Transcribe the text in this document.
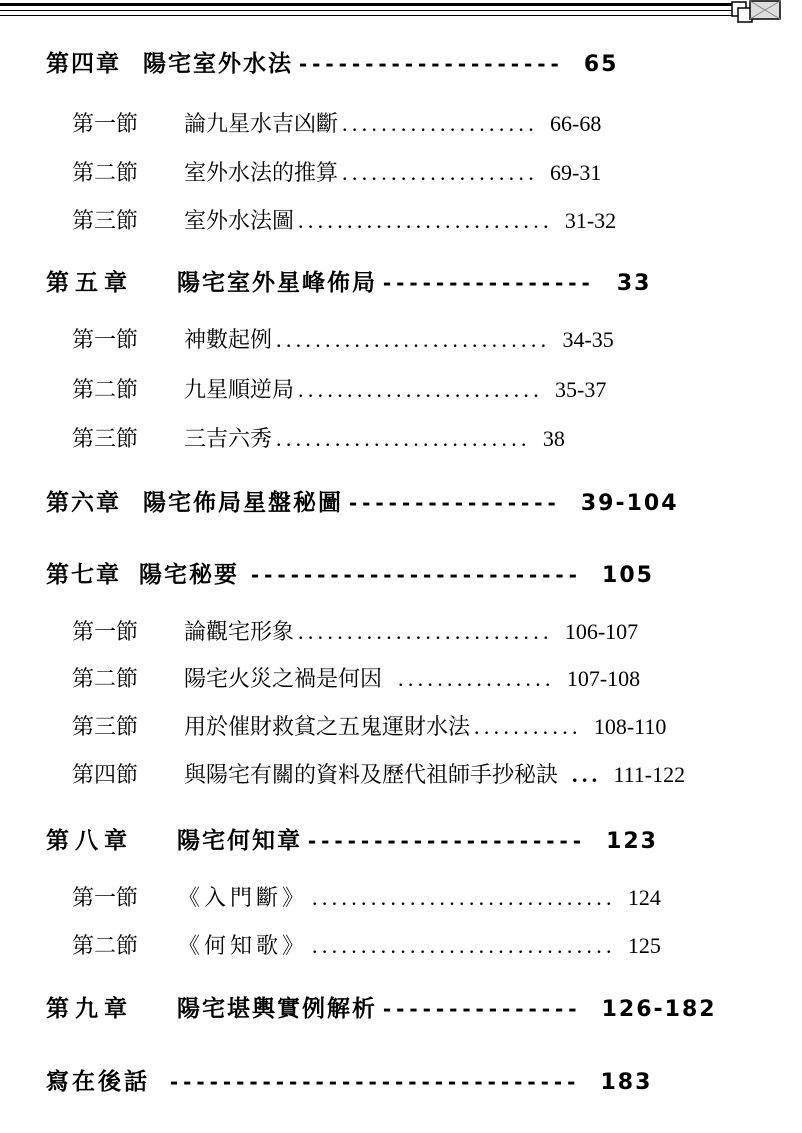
第四章 陽宅室外水法 -------------------- 65
第一節 論九星水吉凶斷 .................... 66-68
第二節 室外水法的推算 .................... 69-31
第三節 室外水法圖 .......................... 31-32
第五章 陽宅室外星峰佈局 ---------------- 33
第一節 神數起例 ............................ 34-35
第二節 九星順逆局 ......................... 35-37
第三節 三吉六秀 .......................... 38
第六章 陽宅佈局星盤秘圖 ---------------- 39-104
第七章 陽宅秘要 ------------------------- 105
第一節 論觀宅形象 .......................... 106-107
第二節 陽宅火災之禍是何因 ................ 107-108
第三節 用於催財救貧之五鬼運財水法 ........... 108-110
第四節 與陽宅有關的資料及歷代祖師手抄秘訣 ... 111-122
第八章 陽宅何知章 --------------------- 123
第一節 《入門斷》 ............................... 124
第二節 《何知歌》 ............................... 125
第九章 陽宅堪輿實例解析 --------------- 126-182
寫在後話 ------------------------------- 183
